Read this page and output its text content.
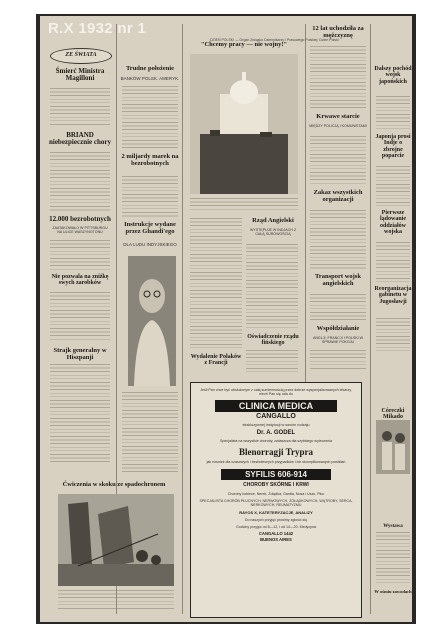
DZIEŃ POLSKI — Organ Związku Dziennikarzy i Prasowego Polskiej. Dzień Polski
ZE ŚWIATA
Śmierć Ministra Magilloni
BRIAND niebezpiecznie chory
12.000 bezrobotnych
ZAATAKOWAŁO W PITTSBURGU NA ULICE WASZYNGTONU
Nie pozwala na zniżkę swych zarobków
Strajk generalny w Hiszpanji
Ćwiczenia w skoku ze spadochronem
Trudne położenie
BANKÓW POLSK. AMERYK.
2 miljardy marek na bezrobotnych
Instrukcje wydane przez Ghandi'ego
DLA LUDU INDYJSKIEGO
"Chcemy pracy — nie wojny!"
Rząd Angielski
WYSTĘPUJE W INDJACH Z CAŁĄ SUROWOŚCIĄ
Oświadczenie rządu fińskiego
Wydalenie Polaków z Francji
12 lat uchodziła za mężczyznę
Krwawe starcie
MIĘDZY POLICJĄ I KOMUNISTAMI
Zakaz wszystkich organizacji
Transport wojsk angielskich
Współdziałanie
ANGLJI, FRANCJI I POLSKI W SPRAWIE POKOJU
Dalszy pochód wojsk japońskich
Japonja prosi Indje o zbrojne poparcie
Pierwsze lądowanie oddziałów wojska
Reorganizacja gabinetu w Jugosławji
Córeczki Mikado
Wystawa
W ośmiu zawodach
Jeśli Pan chce być obsłużonym z całą sumiennością przez dobrze wyspecjalizowanych lekarzy, niech Pan się uda do
CLINICA MEDICA
CANGALLO
ekskluzywnej instytucji w swoim rodzaju
Dr. A. GODEL
Specjalista na wszystkie choroby, zwłaszcza dla szybkiego wyleczenia
Blenorragji Trypra
jak również dla czasowych i bezbolesnych przypadków i ich skomplikowanych powikłań
SYFILIS 606-914
CHOROBY SKÓRNE I KRWI
Choroby kobiece, Nerek, Żołądka, Gardła, Nosa i Uszu, Płuc
SPECJALISTA CHORÓB PŁUCNYCH, NERWOWYCH, ŻOŁĄDKOWYCH, WĄTROBY, SERCA, NERKOWYCH, REUMATYZMU
RAYOS X, KATETERYZACJE, ANALIZY
Do naszych przyjęć prosimy zgłosić się
Godziny przyjęć od 8—12, i od 14—20. Medycyna
CANGALLO 1442
BUENOS AIRES
R.X 1932 nr 1
